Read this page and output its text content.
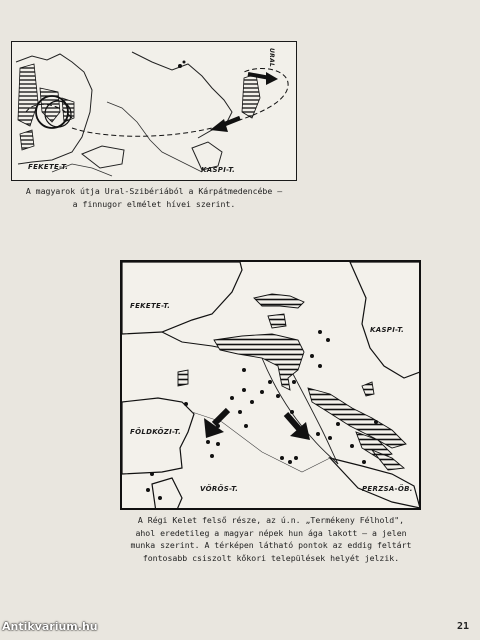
FEKETE-T.	KASPI-T.
URAL
A magyarok útja Ural-Szibériából a Kárpátmedencébe —
a finnugor elmélet hívei szerint.
FEKETE-T.
KASPI-T.
FÖLDKÖZI-T.
VÖRÖS-T.	PERZSA-ÖB.
A Régi Kelet felső része, az ú.n. „Termékeny Félhold",
ahol eredetileg a magyar népek hun ága lakott — a jelen
munka szerint. A térképen látható pontok az eddig feltárt
fontosabb csiszolt kőkori települések helyét jelzik.
21
Antikvarium.hu
